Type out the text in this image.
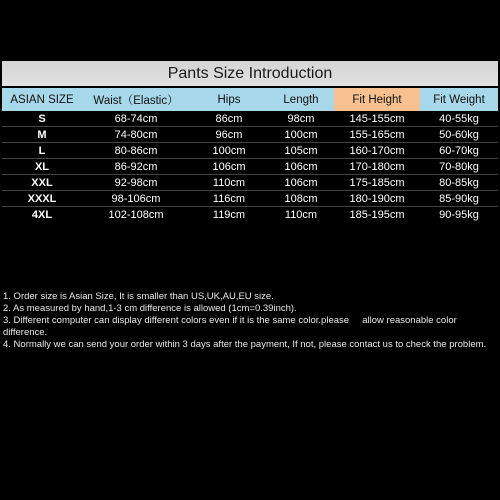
Pants Size Introduction
ASIAN SIZE	Waist（Elastic）	Hips	Length	Fit Height	Fit Weight
S	68-74cm	86cm	98cm	145-155cm	40-55kg
M	74-80cm	96cm	100cm	155-165cm	50-60kg
L	80-86cm	100cm	105cm	160-170cm	60-70kg
XL	86-92cm	106cm	106cm	170-180cm	70-80kg
XXL	92-98cm	110cm	106cm	175-185cm	80-85kg
XXXL	98-106cm	116cm	108cm	180-190cm	85-90kg
4XL	102-108cm	119cm	110cm	185-195cm	90-95kg

1. Order size is Asian Size, It is smaller than US,UK,AU,EU size.

2. As measured by hand,1-3 cm difference is allowed (1cm=0.39inch).

3. Different computer can display different colors even if it is the same color.please     allow reasonable color difference.

4. Normally we can send your order within 3 days after the payment, If not, please contact us to check the problem.
